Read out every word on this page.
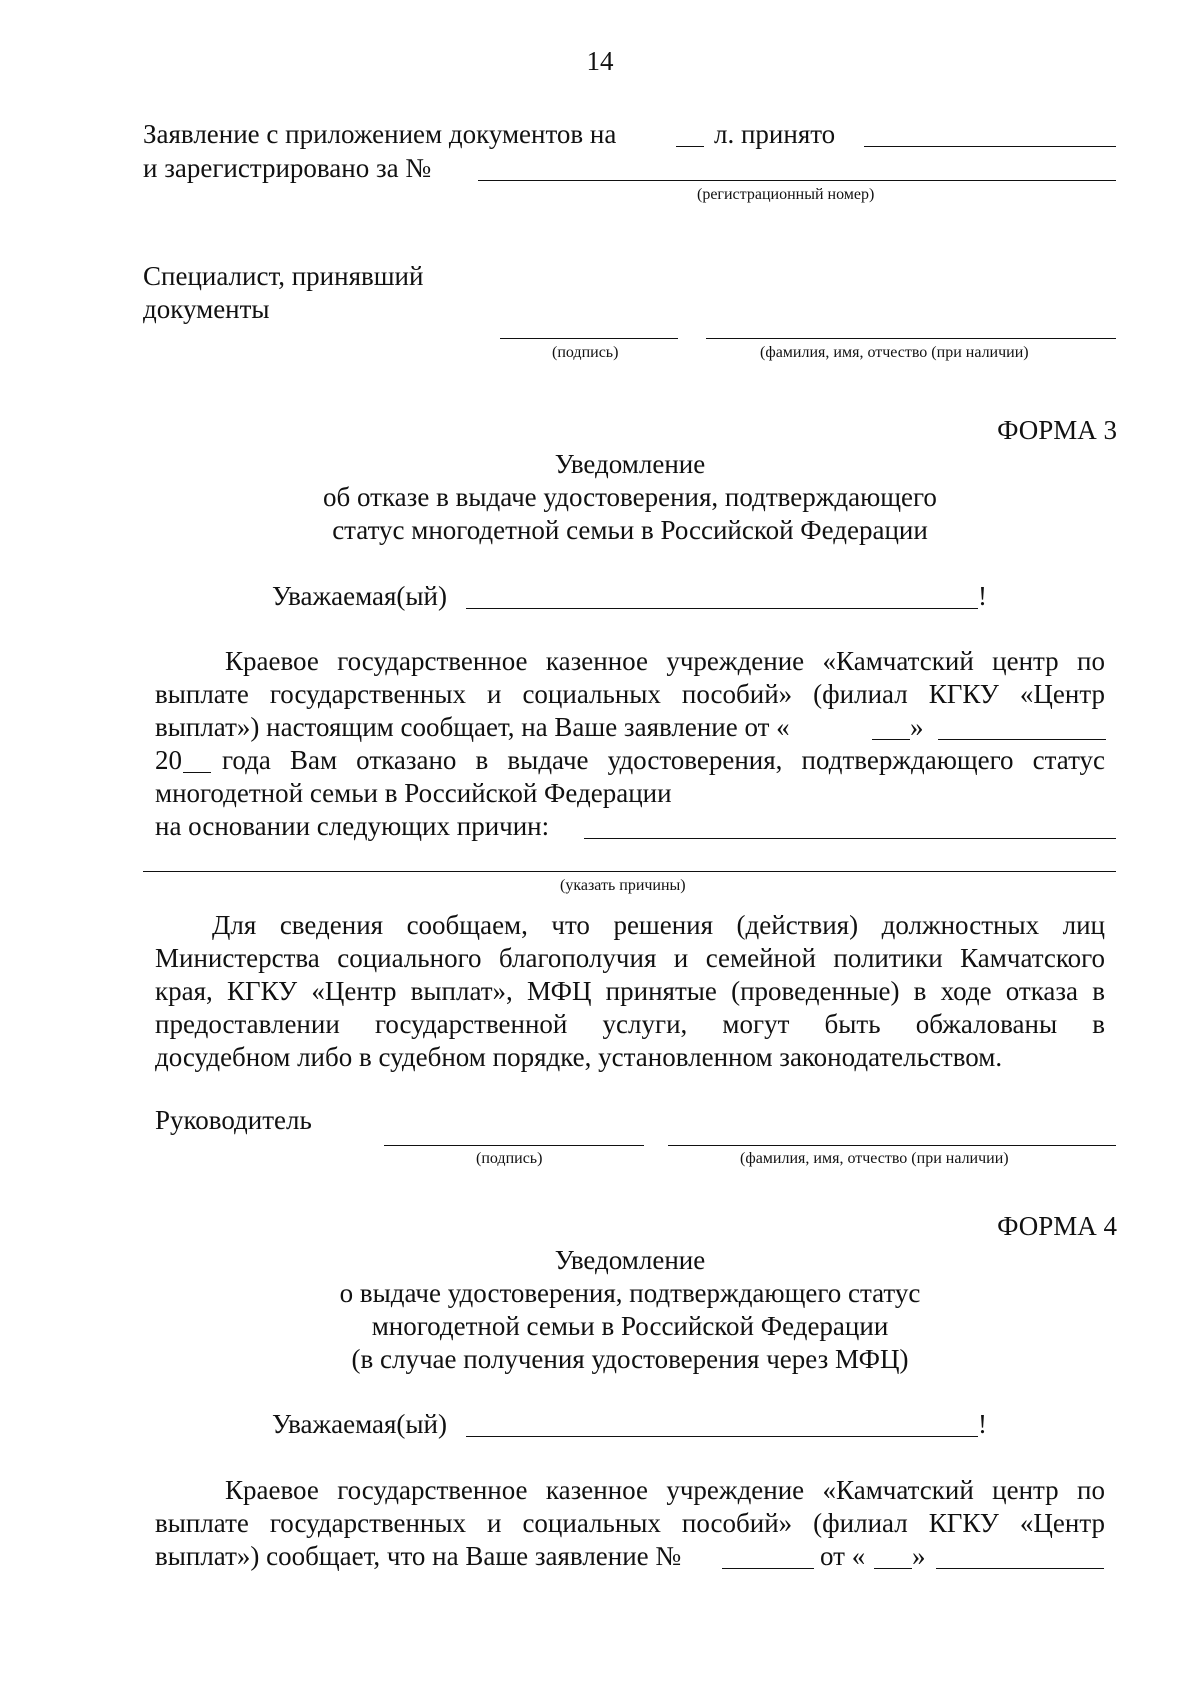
14
Заявление с приложением документов на	л. принято
и зарегистрировано за №
(регистрационный номер)
Специалист, принявший
документы
(подпись)	(фамилия, имя, отчество (при наличии)
ФОРМА 3
Уведомление
об отказе в выдаче удостоверения, подтверждающего
статус многодетной семьи в Российской Федерации
Уважаемая(ый)	!
Краевое государственное казенное учреждение «Камчатский центр по
выплате государственных и социальных пособий» (филиал КГКУ «Центр
выплат») настоящим сообщает, на Ваше заявление от «	»
20 года Вам отказано в выдаче удостоверения, подтверждающего статус
многодетной семьи в Российской Федерации
на основании следующих причин:
(указать причины)
Для сведения сообщаем, что решения (действия) должностных лиц
Министерства социального благополучия и семейной политики Камчатского
края, КГКУ «Центр выплат», МФЦ принятые (проведенные) в ходе отказа в
предоставлении государственной услуги, могут быть обжалованы в
досудебном либо в судебном порядке, установленном законодательством.
Руководитель
(подпись)	(фамилия, имя, отчество (при наличии)
ФОРМА 4
Уведомление
о выдаче удостоверения, подтверждающего статус
многодетной семьи в Российской Федерации
(в случае получения удостоверения через МФЦ)
Уважаемая(ый)	!
Краевое государственное казенное учреждение «Камчатский центр по
выплате государственных и социальных пособий» (филиал КГКУ «Центр
выплат») сообщает, что на Ваше заявление №	от « »
